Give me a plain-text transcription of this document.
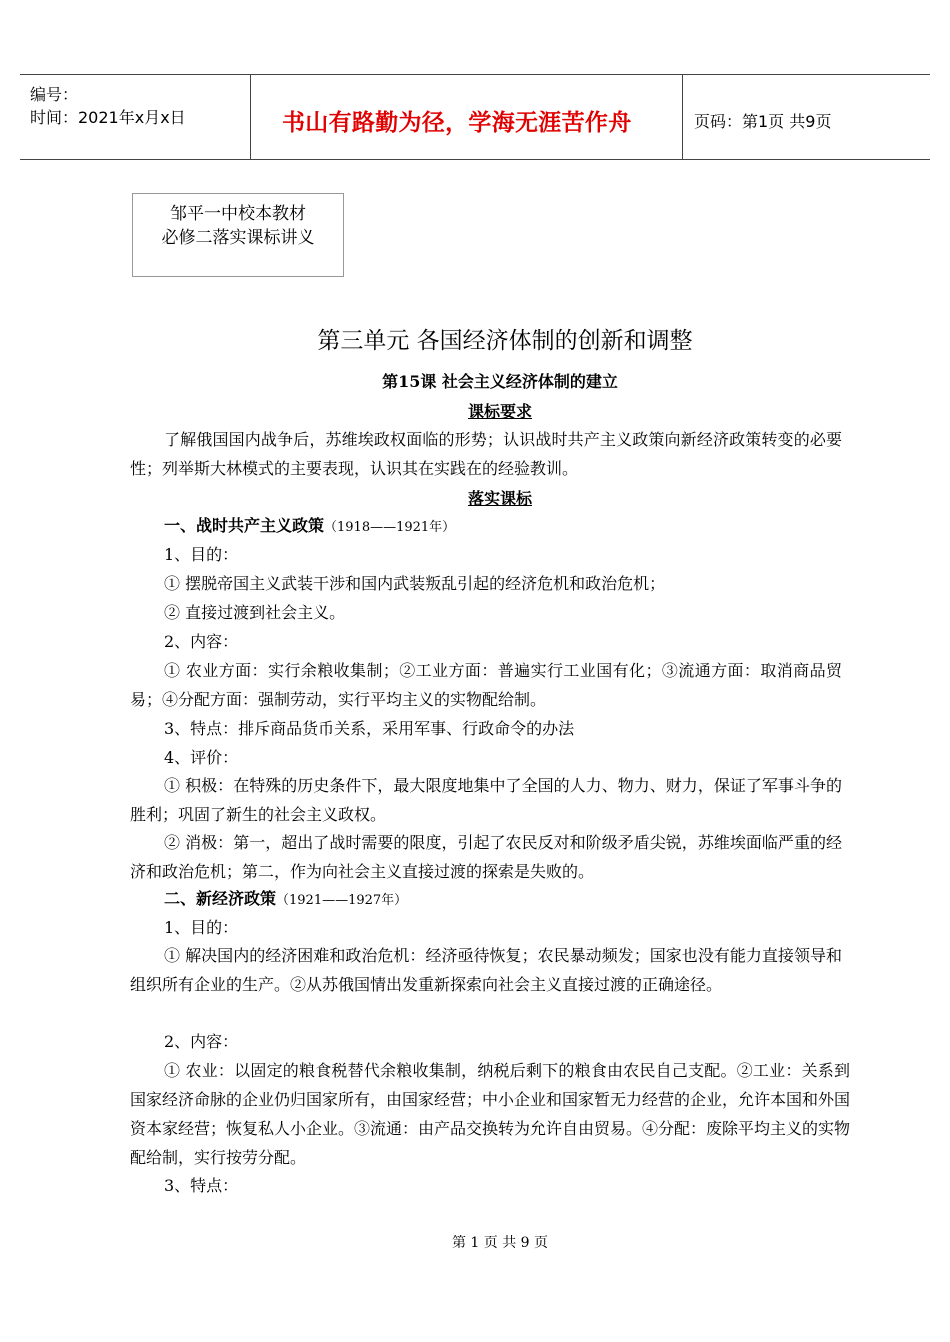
编号：
时间：2021年x月x日	书山有路勤为径，学海无涯苦作舟	页码：第1页 共9页
邹平一中校本教材
必修二落实课标讲义
第三单元 各国经济体制的创新和调整
第15课 社会主义经济体制的建立
课标要求
了解俄国国内战争后，苏维埃政权面临的形势；认识战时共产主义政策向新经济政策转变的必要性；列举斯大林模式的主要表现，认识其在实践在的经验教训。
落实课标
一、战时共产主义政策（1918——1921年）
1、目的：
① 摆脱帝国主义武装干涉和国内武装叛乱引起的经济危机和政治危机；
② 直接过渡到社会主义。
2、内容：
① 农业方面：实行余粮收集制；②工业方面：普遍实行工业国有化；③流通方面：取消商品贸易；④分配方面：强制劳动，实行平均主义的实物配给制。
3、特点：排斥商品货币关系，采用军事、行政命令的办法
4、评价：
① 积极：在特殊的历史条件下，最大限度地集中了全国的人力、物力、财力，保证了军事斗争的胜利；巩固了新生的社会主义政权。
② 消极：第一，超出了战时需要的限度，引起了农民反对和阶级矛盾尖锐，苏维埃面临严重的经济和政治危机；第二，作为向社会主义直接过渡的探索是失败的。
二、新经济政策（1921——1927年）
1、目的：
① 解决国内的经济困难和政治危机：经济亟待恢复；农民暴动频发；国家也没有能力直接领导和组织所有企业的生产。②从苏俄国情出发重新探索向社会主义直接过渡的正确途径。
2、内容：
① 农业：以固定的粮食税替代余粮收集制，纳税后剩下的粮食由农民自己支配。②工业：关系到国家经济命脉的企业仍归国家所有，由国家经营；中小企业和国家暂无力经营的企业，允许本国和外国资本家经营；恢复私人小企业。③流通：由产品交换转为允许自由贸易。④分配：废除平均主义的实物配给制，实行按劳分配。
3、特点：
第 1 页 共 9 页
